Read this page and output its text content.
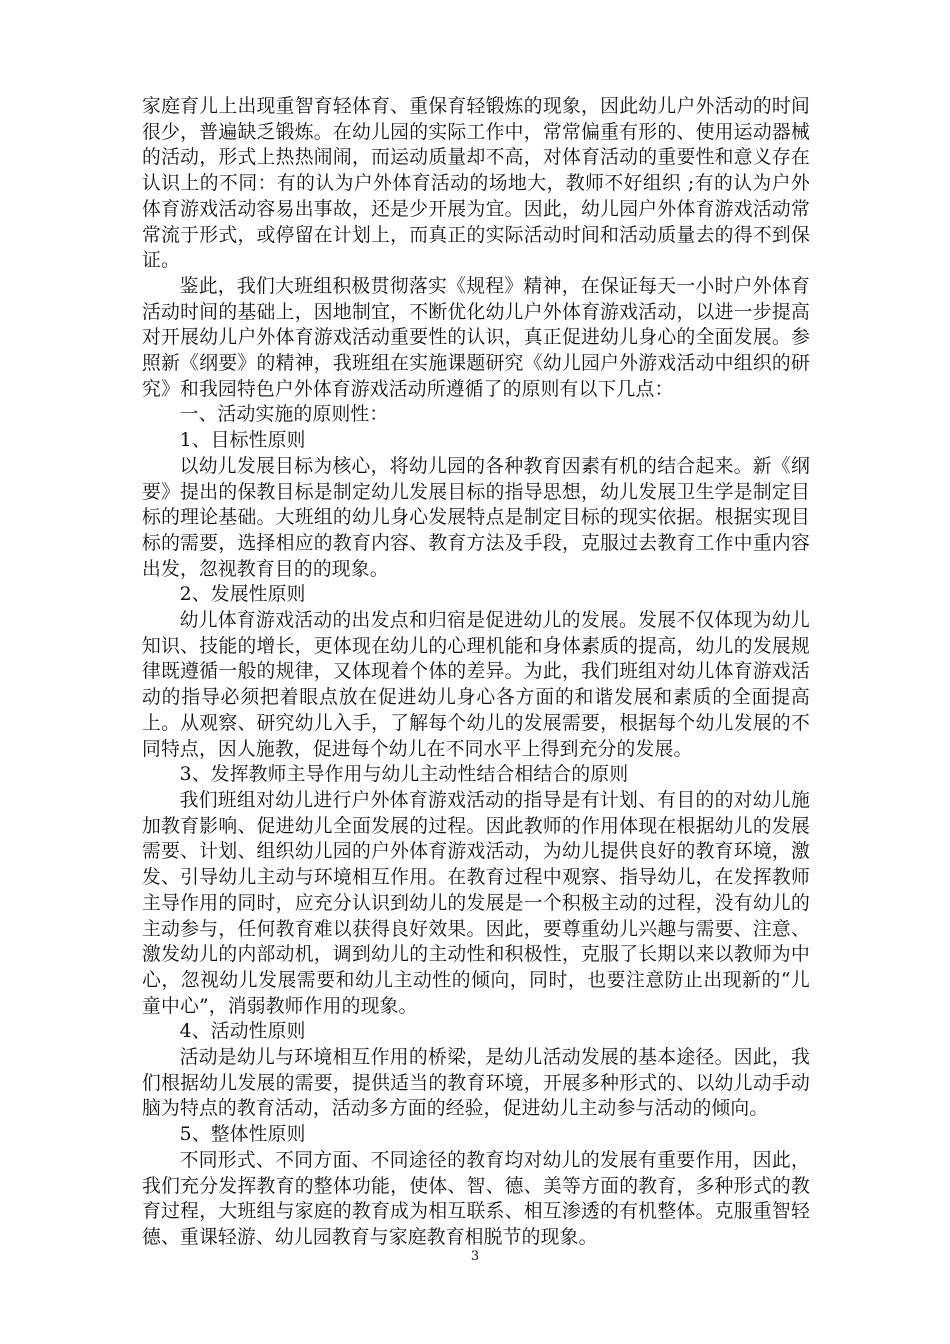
家庭育儿上出现重智育轻体育、重保育轻锻炼的现象，因此幼儿户外活动的时间很少，普遍缺乏锻炼。在幼儿园的实际工作中，常常偏重有形的、使用运动器械的活动，形式上热热闹闹，而运动质量却不高，对体育活动的重要性和意义存在认识上的不同：有的认为户外体育活动的场地大，教师不好组织 ;有的认为户外体育游戏活动容易出事故，还是少开展为宜。因此，幼儿园户外体育游戏活动常常流于形式，或停留在计划上，而真正的实际活动时间和活动质量去的得不到保证。

鉴此，我们大班组积极贯彻落实《规程》精神，在保证每天一小时户外体育活动时间的基础上，因地制宜，不断优化幼儿户外体育游戏活动，以进一步提高对开展幼儿户外体育游戏活动重要性的认识，真正促进幼儿身心的全面发展。参照新《纲要》的精神，我班组在实施课题研究《幼儿园户外游戏活动中组织的研究》和我园特色户外体育游戏活动所遵循了的原则有以下几点：

一、活动实施的原则性：

1、目标性原则

以幼儿发展目标为核心，将幼儿园的各种教育因素有机的结合起来。新《纲要》提出的保教目标是制定幼儿发展目标的指导思想，幼儿发展卫生学是制定目标的理论基础。大班组的幼儿身心发展特点是制定目标的现实依据。根据实现目标的需要，选择相应的教育内容、教育方法及手段，克服过去教育工作中重内容出发，忽视教育目的的现象。

2、发展性原则

幼儿体育游戏活动的出发点和归宿是促进幼儿的发展。发展不仅体现为幼儿知识、技能的增长，更体现在幼儿的心理机能和身体素质的提高，幼儿的发展规律既遵循一般的规律，又体现着个体的差异。为此，我们班组对幼儿体育游戏活动的指导必须把着眼点放在促进幼儿身心各方面的和谐发展和素质的全面提高上。从观察、研究幼儿入手，了解每个幼儿的发展需要，根据每个幼儿发展的不同特点，因人施教，促进每个幼儿在不同水平上得到充分的发展。

3、发挥教师主导作用与幼儿主动性结合相结合的原则

我们班组对幼儿进行户外体育游戏活动的指导是有计划、有目的的对幼儿施加教育影响、促进幼儿全面发展的过程。因此教师的作用体现在根据幼儿的发展需要、计划、组织幼儿园的户外体育游戏活动，为幼儿提供良好的教育环境，激发、引导幼儿主动与环境相互作用。在教育过程中观察、指导幼儿，在发挥教师主导作用的同时，应充分认识到幼儿的发展是一个积极主动的过程，没有幼儿的主动参与，任何教育难以获得良好效果。因此，要尊重幼儿兴趣与需要、注意、激发幼儿的内部动机，调到幼儿的主动性和积极性，克服了长期以来以教师为中心，忽视幼儿发展需要和幼儿主动性的倾向，同时，也要注意防止出现新的“儿童中心”，消弱教师作用的现象。

4、活动性原则

活动是幼儿与环境相互作用的桥梁，是幼儿活动发展的基本途径。因此，我们根据幼儿发展的需要，提供适当的教育环境，开展多种形式的、以幼儿动手动脑为特点的教育活动，活动多方面的经验，促进幼儿主动参与活动的倾向。

5、整体性原则

不同形式、不同方面、不同途径的教育均对幼儿的发展有重要作用，因此，我们充分发挥教育的整体功能，使体、智、德、美等方面的教育，多种形式的教育过程，大班组与家庭的教育成为相互联系、相互渗透的有机整体。克服重智轻德、重课轻游、幼儿园教育与家庭教育相脱节的现象。

3
